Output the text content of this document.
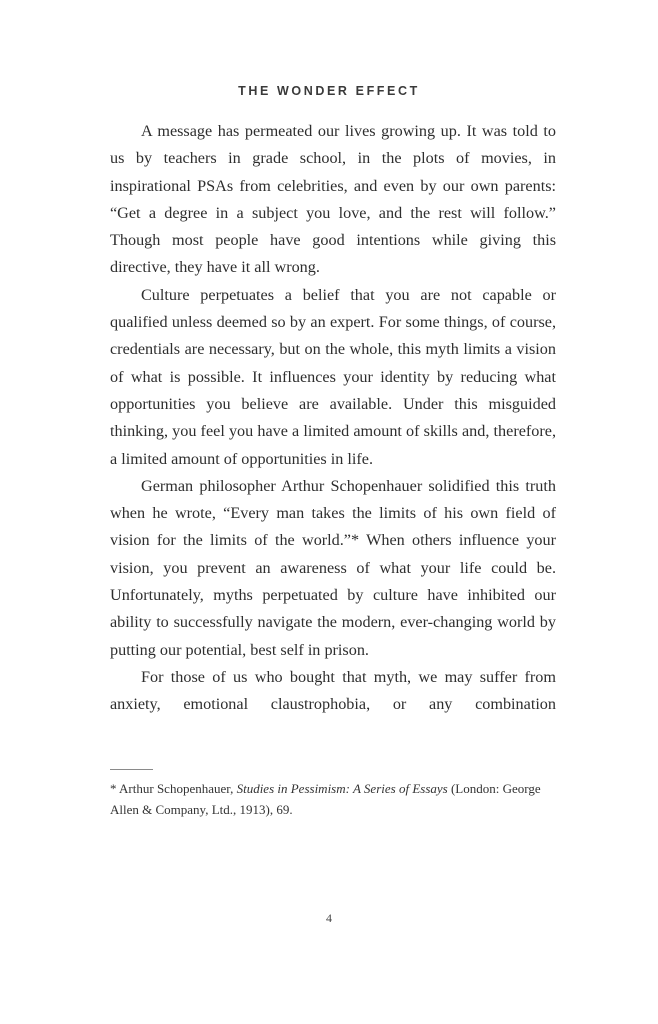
THE WONDER EFFECT

A message has permeated our lives growing up. It was told to us by teachers in grade school, in the plots of movies, in inspirational PSAs from celebrities, and even by our own parents: “Get a degree in a subject you love, and the rest will follow.” Though most people have good intentions while giving this directive, they have it all wrong.

Culture perpetuates a belief that you are not capable or qualified unless deemed so by an expert. For some things, of course, credentials are necessary, but on the whole, this myth limits a vision of what is possible. It influences your identity by reducing what opportunities you believe are available. Under this misguided thinking, you feel you have a limited amount of skills and, therefore, a limited amount of opportunities in life.

German philosopher Arthur Schopenhauer solidified this truth when he wrote, “Every man takes the limits of his own field of vision for the limits of the world.”* When others influence your vision, you prevent an awareness of what your life could be. Unfortunately, myths perpetuated by culture have inhibited our ability to successfully navigate the modern, ever-changing world by putting our potential, best self in prison.

For those of us who bought that myth, we may suffer from anxiety, emotional claustrophobia, or any combination

* Arthur Schopenhauer, Studies in Pessimism: A Series of Essays (London: George Allen & Company, Ltd., 1913), 69.
4
